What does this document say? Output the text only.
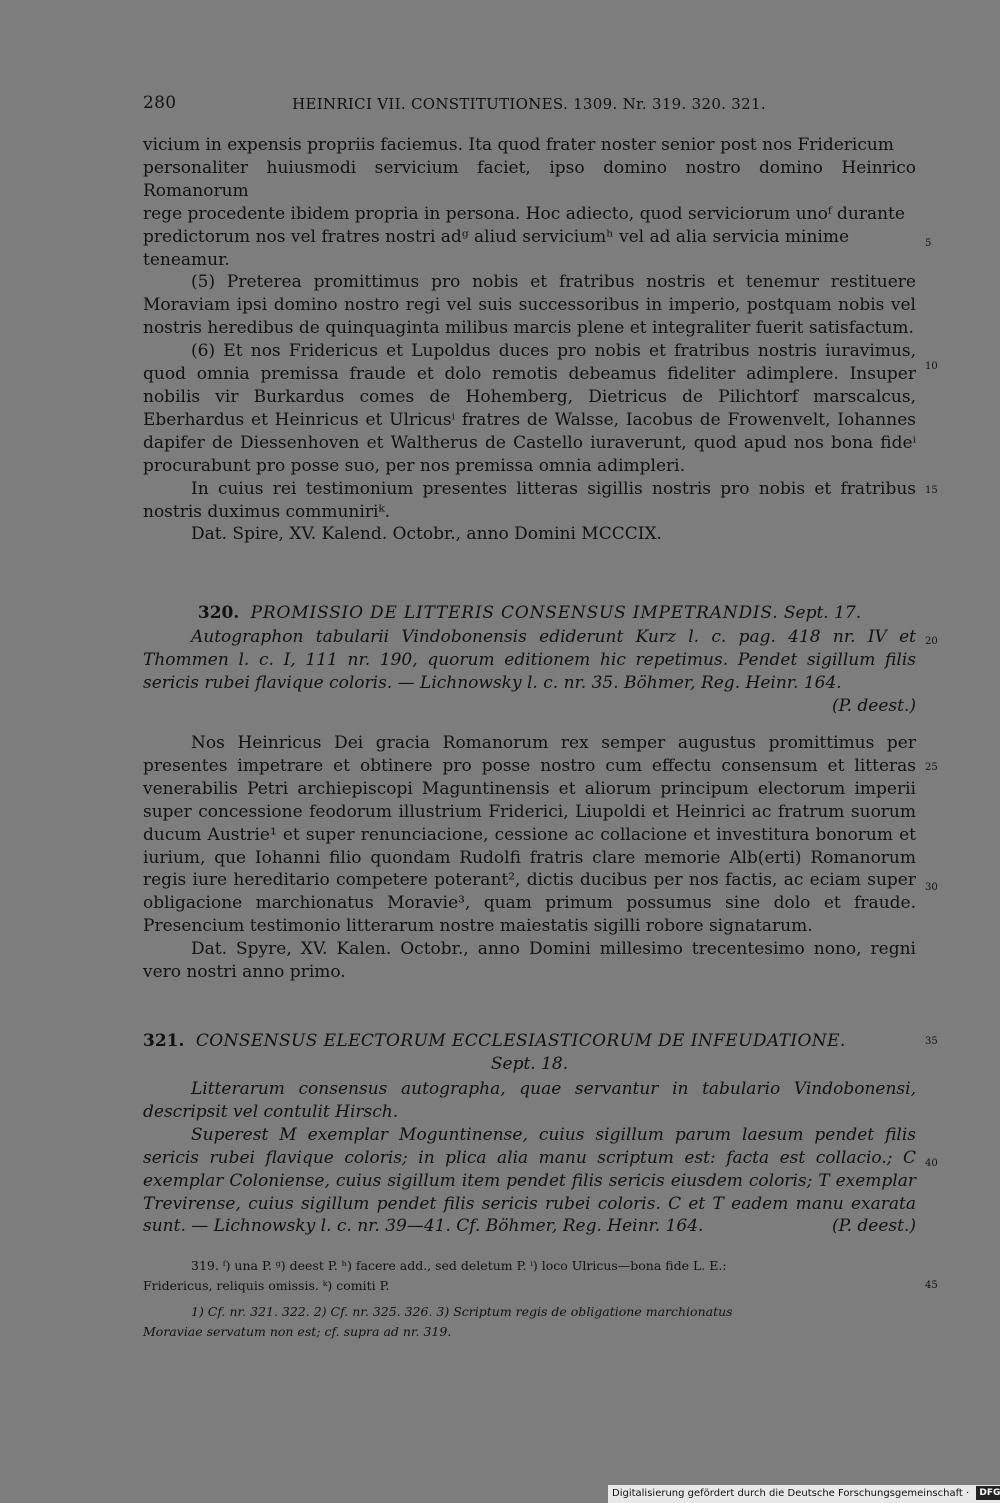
280	HEINRICI VII. CONSTITUTIONES. 1309. Nr. 319. 320. 321.

vicium in expensis propriis faciemus. Ita quod frater noster senior post nos Fridericum

personaliter huiusmodi servicium faciet, ipso domino nostro domino Heinrico Romanorum

rege procedente ibidem propria in persona. Hoc adiecto, quod serviciorum unoᶠ durante

predictorum nos vel fratres nostri adᵍ aliud serviciumʰ vel ad alia servicia minime

teneamur.

(5) Preterea promittimus pro nobis et fratribus nostris et tenemur restituere Moraviam ipsi domino nostro regi vel suis successoribus in imperio, postquam nobis vel nostris heredibus de quinquaginta milibus marcis plene et integraliter fuerit satisfactum.

(6) Et nos Fridericus et Lupoldus duces pro nobis et fratribus nostris iuravimus, quod omnia premissa fraude et dolo remotis debeamus fideliter adimplere. Insuper nobilis vir Burkardus comes de Hohemberg, Dietricus de Pilichtorf marscalcus, Eberhardus et Heinricus et Ulricusⁱ fratres de Walsse, Iacobus de Frowenvelt, Iohannes dapifer de Diessenhoven et Waltherus de Castello iuraverunt, quod apud nos bona fideⁱ procurabunt pro posse suo, per nos premissa omnia adimpleri.

In cuius rei testimonium presentes litteras sigillis nostris pro nobis et fratribus nostris duximus communiriᵏ.

Dat. Spire, XV. Kalend. Octobr., anno Domini MCCCIX.

320. PROMISSIO DE LITTERIS CONSENSUS IMPETRANDIS. Sept. 17.

Autographon tabularii Vindobonensis ediderunt Kurz l. c. pag. 418 nr. IV et Thommen l. c. I, 111 nr. 190, quorum editionem hic repetimus. Pendet sigillum filis sericis rubei flavique coloris. — Lichnowsky l. c. nr. 35. Böhmer, Reg. Heinr. 164.

(P. deest.)

Nos Heinricus Dei gracia Romanorum rex semper augustus promittimus per presentes impetrare et obtinere pro posse nostro cum effectu consensum et litteras venerabilis Petri archiepiscopi Maguntinensis et aliorum principum electorum imperii super concessione feodorum illustrium Friderici, Liupoldi et Heinrici ac fratrum suorum ducum Austrie¹ et super renunciacione, cessione ac collacione et investitura bonorum et iurium, que Iohanni filio quondam Rudolfi fratris clare memorie Alb(erti) Romanorum regis iure hereditario competere poterant², dictis ducibus per nos factis, ac eciam super obligacione marchionatus Moravie³, quam primum possumus sine dolo et fraude. Presencium testimonio litterarum nostre maiestatis sigilli robore signatarum.

Dat. Spyre, XV. Kalen. Octobr., anno Domini millesimo trecentesimo nono, regni vero nostri anno primo.

321. CONSENSUS ELECTORUM ECCLESIASTICORUM DE INFEUDATIONE.
Sept. 18.

Litterarum consensus autographa, quae servantur in tabulario Vindobonensi, descripsit vel contulit Hirsch.

Superest M exemplar Moguntinense, cuius sigillum parum laesum pendet filis sericis rubei flavique coloris; in plica alia manu scriptum est: facta est collacio.; C exemplar Coloniense, cuius sigillum item pendet filis sericis eiusdem coloris; T exemplar Trevirense, cuius sigillum pendet filis sericis rubei coloris. C et T eadem manu exarata sunt. — Lichnowsky l. c. nr. 39—41. Cf. Böhmer, Reg. Heinr. 164.	(P. deest.)

319. ᶠ) una P. ᵍ) deest P. ʰ) facere add., sed deletum P. ⁱ) loco Ulricus—bona fide L. E.:
Fridericus, reliquis omissis. ᵏ) comiti P.
1) Cf. nr. 321. 322. 2) Cf. nr. 325. 326. 3) Scriptum regis de obligatione marchionatus
Moraviae servatum non est; cf. supra ad nr. 319.
5
10
15
20
25
30
35
40
45
Digitalisierung gefördert durch die Deutsche Forschungsgemeinschaft · DFG
